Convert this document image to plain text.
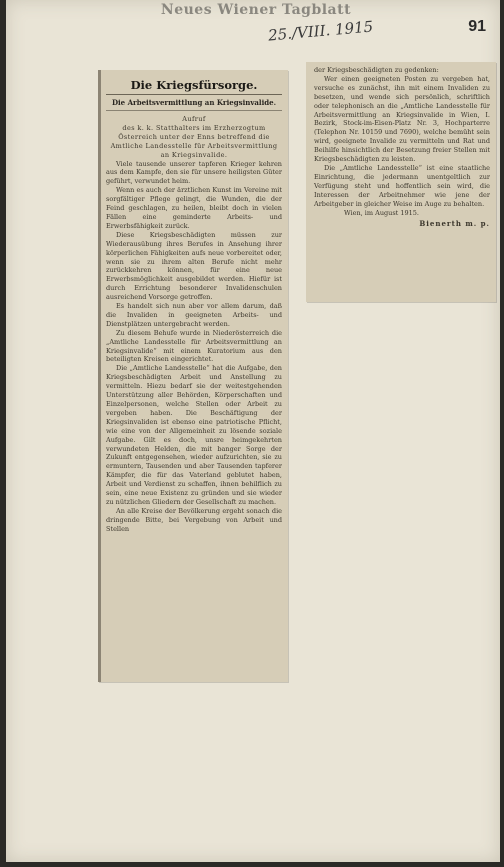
Neues Wiener Tagblatt
25./VIII. 1915	91
Die Kriegsfürsorge.
Die Arbeitsvermittlung an Kriegsinvalide.

Aufruf

des k. k. Statthalters im Erzherzogtum Österreich unter der Enns betreffend die Amtliche Landesstelle für Arbeitsvermittlung an Kriegsinvalide.

Viele tausende unserer tapferen Krieger kehren aus dem Kampfe, den sie für unsere heiligsten Güter geführt, verwundet heim.

Wenn es auch der ärztlichen Kunst im Vereine mit sorgfältiger Pflege gelingt, die Wunden, die der Feind geschlagen, zu heilen, bleibt doch in vielen Fällen eine geminderte Arbeits- und Erwerbsfähigkeit zurück.

Diese Kriegsbeschädigten müssen zur Wiederausübung ihres Berufes in Ansehung ihrer körperlichen Fähigkeiten aufs neue vorbereitet oder, wenn sie zu ihrem alten Berufe nicht mehr zurückkehren können, für eine neue Erwerbsmöglichkeit ausgebildet werden. Hiefür ist durch Errichtung besonderer Invalidenschulen ausreichend Vorsorge getroffen.

Es handelt sich nun aber vor allem darum, daß die Invaliden in geeigneten Arbeits- und Dienstplätzen untergebracht werden.

Zu diesem Behufe wurde in Niederösterreich die „Amtliche Landesstelle für Arbeitsvermittlung an Kriegsinvalide“ mit einem Kuratorium aus den beteiligten Kreisen eingerichtet.

Die „Amtliche Landesstelle“ hat die Aufgabe, den Kriegsbeschädigten Arbeit und Anstellung zu vermitteln. Hiezu bedarf sie der weitestgehenden Unterstützung aller Behörden, Körperschaften und Einzelpersonen, welche Stellen oder Arbeit zu vergeben haben. Die Beschäftigung der Kriegsinvaliden ist ebenso eine patriotische Pflicht, wie eine von der Allgemeinheit zu lösende soziale Aufgabe. Gilt es doch, unsre heimgekehrten verwundeten Helden, die mit banger Sorge der Zukunft entgegensehen, wieder aufzurichten, sie zu ermuntern, Tausenden und aber Tausenden tapferer Kämpfer, die für das Vaterland geblutet haben, Arbeit und Verdienst zu schaffen, ihnen behilflich zu sein, eine neue Existenz zu gründen und sie wieder zu nützlichen Gliedern der Gesellschaft zu machen.

An alle Kreise der Bevölkerung ergeht sonach die dringende Bitte, bei Vergebung von Arbeit und Stellen

der Kriegsbeschädigten zu gedenken:

Wer einen geeigneten Posten zu vergeben hat, versuche es zunächst, ihn mit einem Invaliden zu besetzen, und wende sich persönlich, schriftlich oder telephonisch an die „Amtliche Landesstelle für Arbeitsvermittlung an Kriegsinvalide in Wien, I. Bezirk, Stock-im-Eisen-Platz Nr. 3, Hochparterre (Telephon Nr. 10159 und 7690), welche bemüht sein wird, geeignete Invalide zu vermitteln und Rat und Beihilfe hinsichtlich der Besetzung freier Stellen mit Kriegsbeschädigten zu leisten.

Die „Amtliche Landesstelle“ ist eine staatliche Einrichtung, die jedermann unentgeltlich zur Verfügung steht und hoffentlich sein wird, die Interessen der Arbeitnehmer wie jene der Arbeitgeber in gleicher Weise im Auge zu behalten.

Wien, im August 1915.

Bienerth m. p.
